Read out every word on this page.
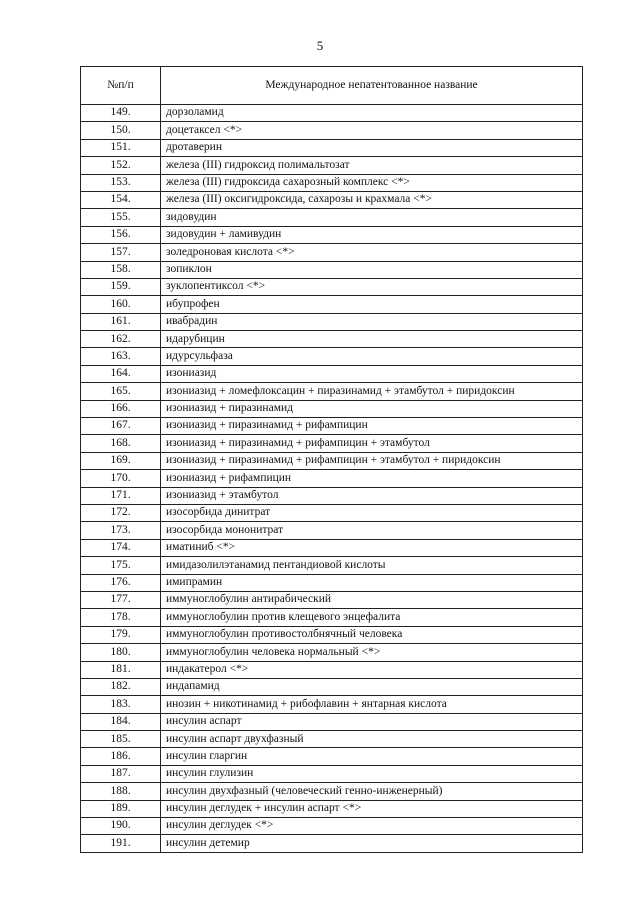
5
№п/п	Международное непатентованное название
149.	дорзоламид
150.	доцетаксел <*>
151.	дротаверин
152.	железа (III) гидроксид полимальтозат
153.	железа (III) гидроксида сахарозный комплекс <*>
154.	железа (III) оксигидроксида, сахарозы и крахмала <*>
155.	зидовудин
156.	зидовудин + ламивудин
157.	золедроновая кислота <*>
158.	зопиклон
159.	зуклопентиксол <*>
160.	ибупрофен
161.	ивабрадин
162.	идарубицин
163.	идурсульфаза
164.	изониазид
165.	изониазид + ломефлоксацин + пиразинамид + этамбутол + пиридоксин
166.	изониазид + пиразинамид
167.	изониазид + пиразинамид + рифампицин
168.	изониазид + пиразинамид + рифампицин + этамбутол
169.	изониазид + пиразинамид + рифампицин + этамбутол + пиридоксин
170.	изониазид + рифампицин
171.	изониазид + этамбутол
172.	изосорбида динитрат
173.	изосорбида мононитрат
174.	иматиниб <*>
175.	имидазолилэтанамид пентандиовой кислоты
176.	имипрамин
177.	иммуноглобулин антирабический
178.	иммуноглобулин против клещевого энцефалита
179.	иммуноглобулин противостолбнячный человека
180.	иммуноглобулин человека нормальный <*>
181.	индакатерол <*>
182.	индапамид
183.	инозин + никотинамид + рибофлавин + янтарная кислота
184.	инсулин аспарт
185.	инсулин аспарт двухфазный
186.	инсулин гларгин
187.	инсулин глулизин
188.	инсулин двухфазный (человеческий генно-инженерный)
189.	инсулин деглудек + инсулин аспарт <*>
190.	инсулин деглудек <*>
191.	инсулин детемир
